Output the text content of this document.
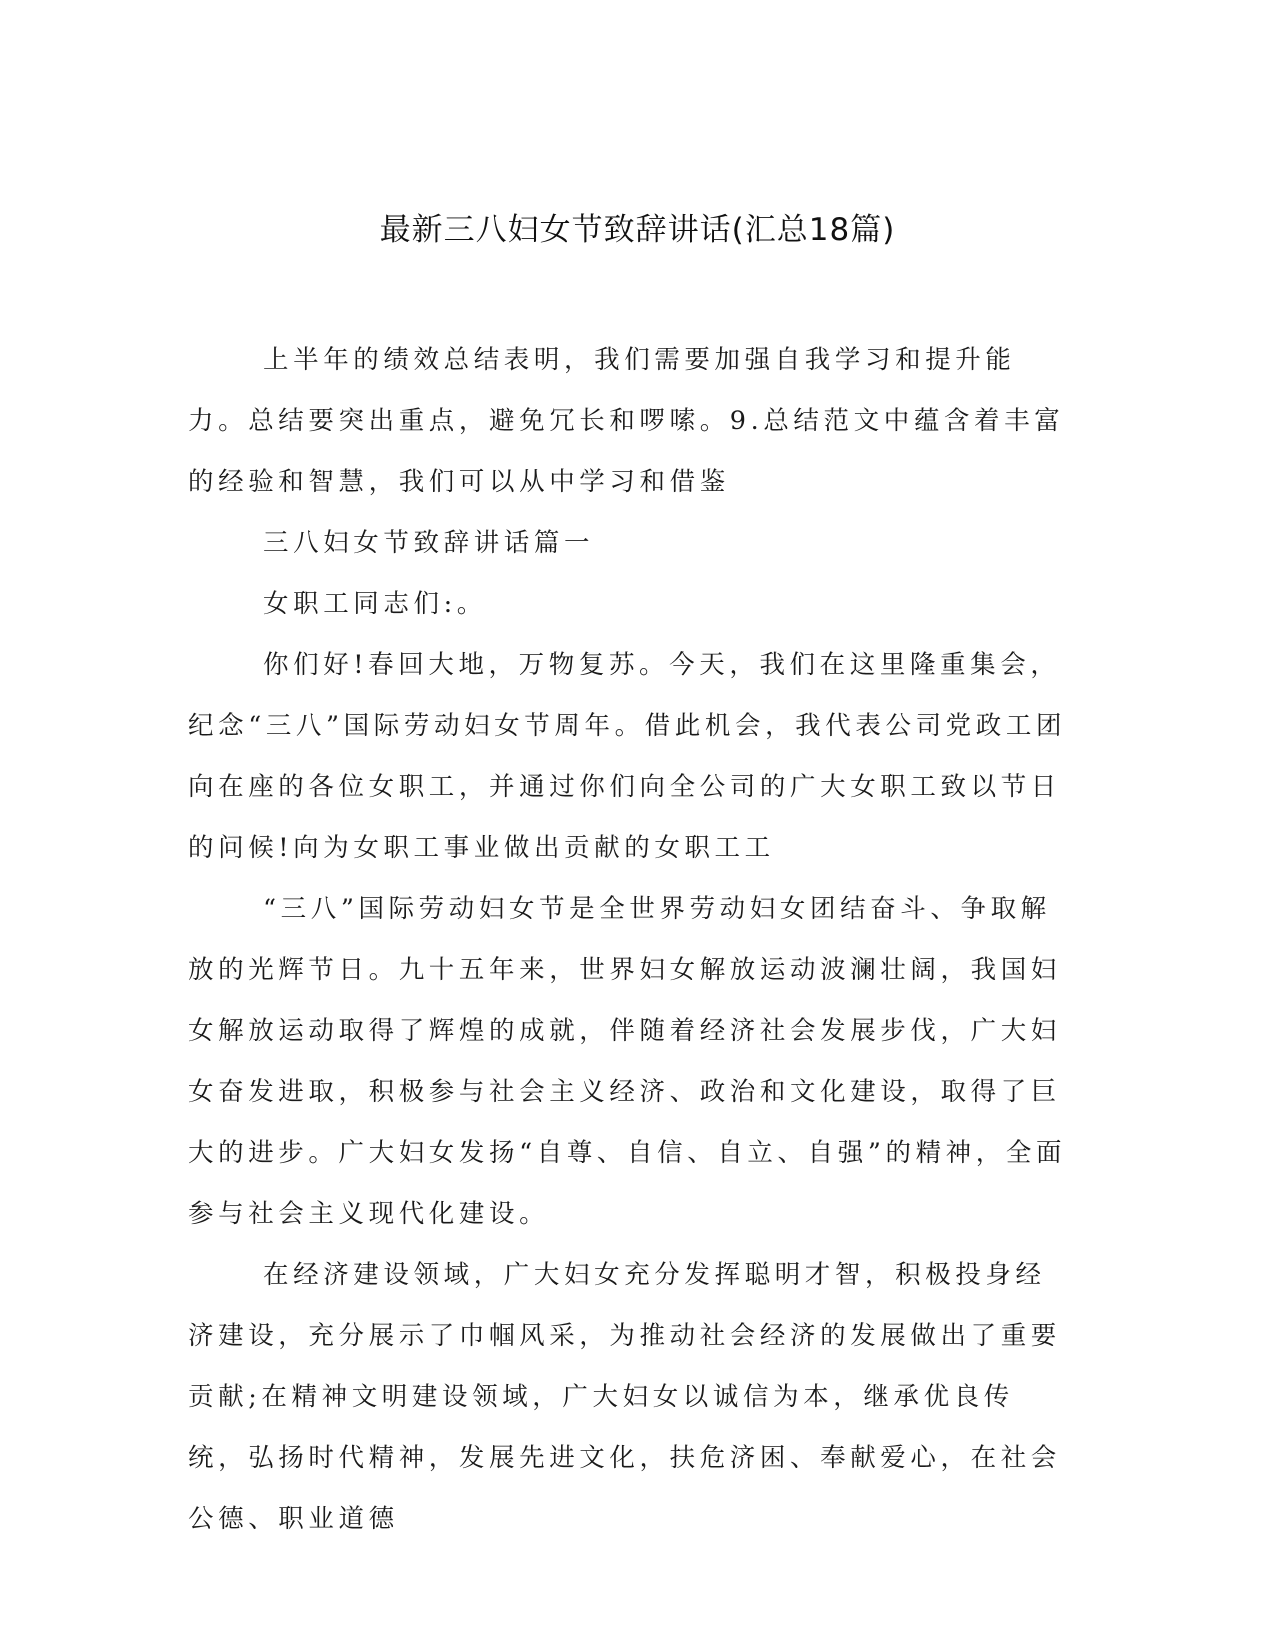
最新三八妇女节致辞讲话(汇总18篇)

上半年的绩效总结表明，我们需要加强自我学习和提升能力。总结要突出重点，避免冗长和啰嗦。9.总结范文中蕴含着丰富的经验和智慧，我们可以从中学习和借鉴

三八妇女节致辞讲话篇一

女职工同志们:。

你们好!春回大地，万物复苏。今天，我们在这里隆重集会，纪念“三八”国际劳动妇女节周年。借此机会，我代表公司党政工团向在座的各位女职工，并通过你们向全公司的广大女职工致以节日的问候!向为女职工事业做出贡献的女职工工

“三八”国际劳动妇女节是全世界劳动妇女团结奋斗、争取解放的光辉节日。九十五年来，世界妇女解放运动波澜壮阔，我国妇女解放运动取得了辉煌的成就，伴随着经济社会发展步伐，广大妇女奋发进取，积极参与社会主义经济、政治和文化建设，取得了巨大的进步。广大妇女发扬“自尊、自信、自立、自强”的精神，全面参与社会主义现代化建设。

在经济建设领域，广大妇女充分发挥聪明才智，积极投身经济建设，充分展示了巾帼风采，为推动社会经济的发展做出了重要贡献;在精神文明建设领域，广大妇女以诚信为本，继承优良传统，弘扬时代精神，发展先进文化，扶危济困、奉献爱心，在社会公德、职业道德
